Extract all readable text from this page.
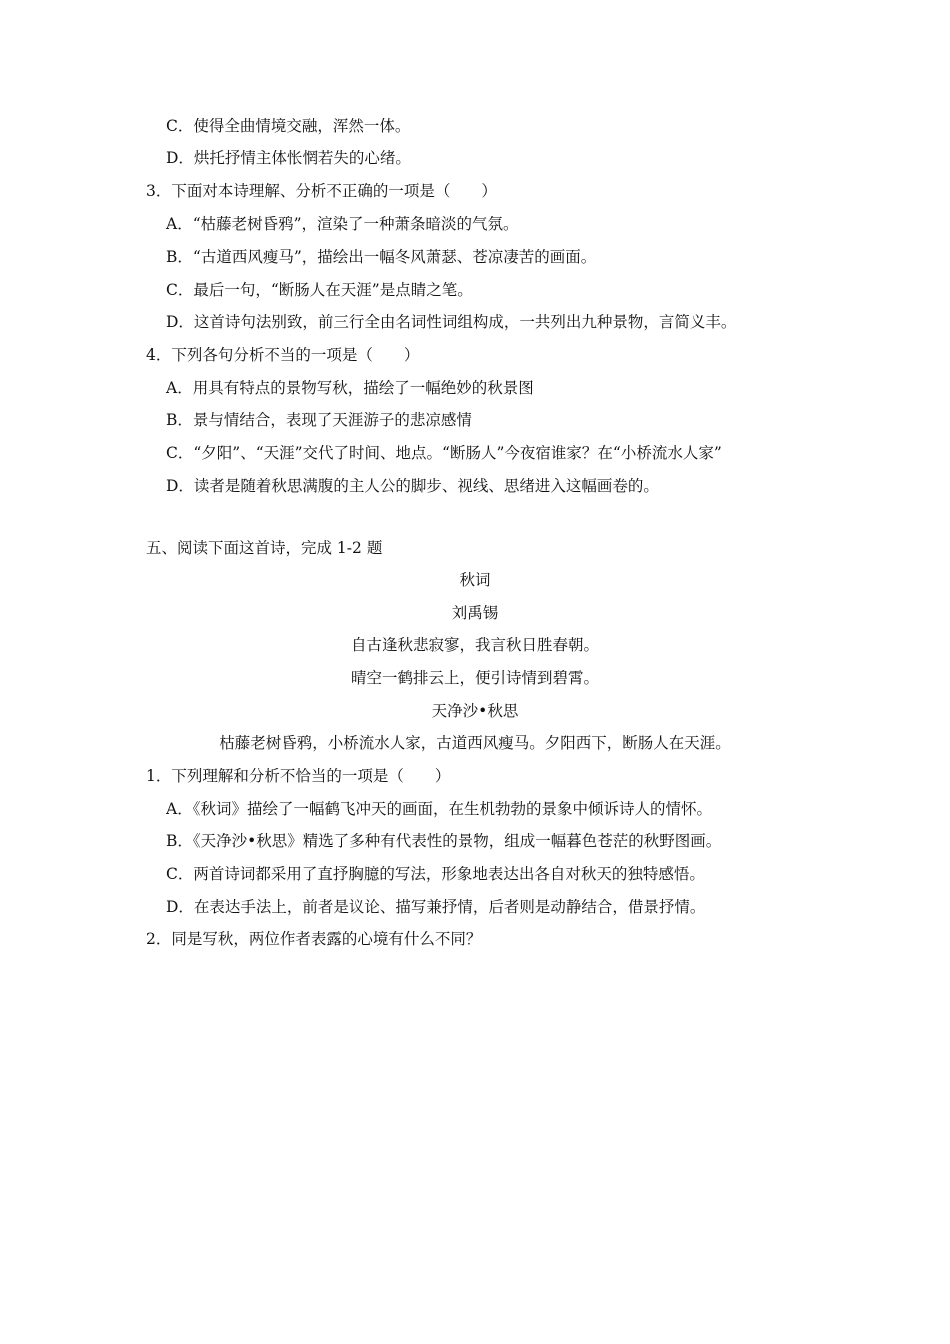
C．使得全曲情境交融，浑然一体。
D．烘托抒情主体怅惘若失的心绪。
3．下面对本诗理解、分析不正确的一项是（　　）
A．“枯藤老树昏鸦”，渲染了一种萧条暗淡的气氛。
B．“古道西风瘦马”，描绘出一幅冬风萧瑟、苍凉凄苦的画面。
C．最后一句，“断肠人在天涯”是点睛之笔。
D．这首诗句法别致，前三行全由名词性词组构成，一共列出九种景物，言简义丰。
4．下列各句分析不当的一项是（　　）
A．用具有特点的景物写秋，描绘了一幅绝妙的秋景图
B．景与情结合，表现了天涯游子的悲凉感情
C．“夕阳”、“天涯”交代了时间、地点。“断肠人”今夜宿谁家？在“小桥流水人家”
D．读者是随着秋思满腹的主人公的脚步、视线、思绪进入这幅画卷的。
五、阅读下面这首诗，完成 1-2 题
秋词
刘禹锡
自古逢秋悲寂寥，我言秋日胜春朝。
晴空一鹤排云上，便引诗情到碧霄。
天净沙•秋思
枯藤老树昏鸦，小桥流水人家，古道西风瘦马。夕阳西下，断肠人在天涯。
1．下列理解和分析不恰当的一项是（　　）
A．《秋词》描绘了一幅鹤飞冲天的画面，在生机勃勃的景象中倾诉诗人的情怀。
B．《天净沙•秋思》精选了多种有代表性的景物，组成一幅暮色苍茫的秋野图画。
C．两首诗词都采用了直抒胸臆的写法，形象地表达出各自对秋天的独特感悟。
D．在表达手法上，前者是议论、描写兼抒情，后者则是动静结合，借景抒情。
2．同是写秋，两位作者表露的心境有什么不同？
